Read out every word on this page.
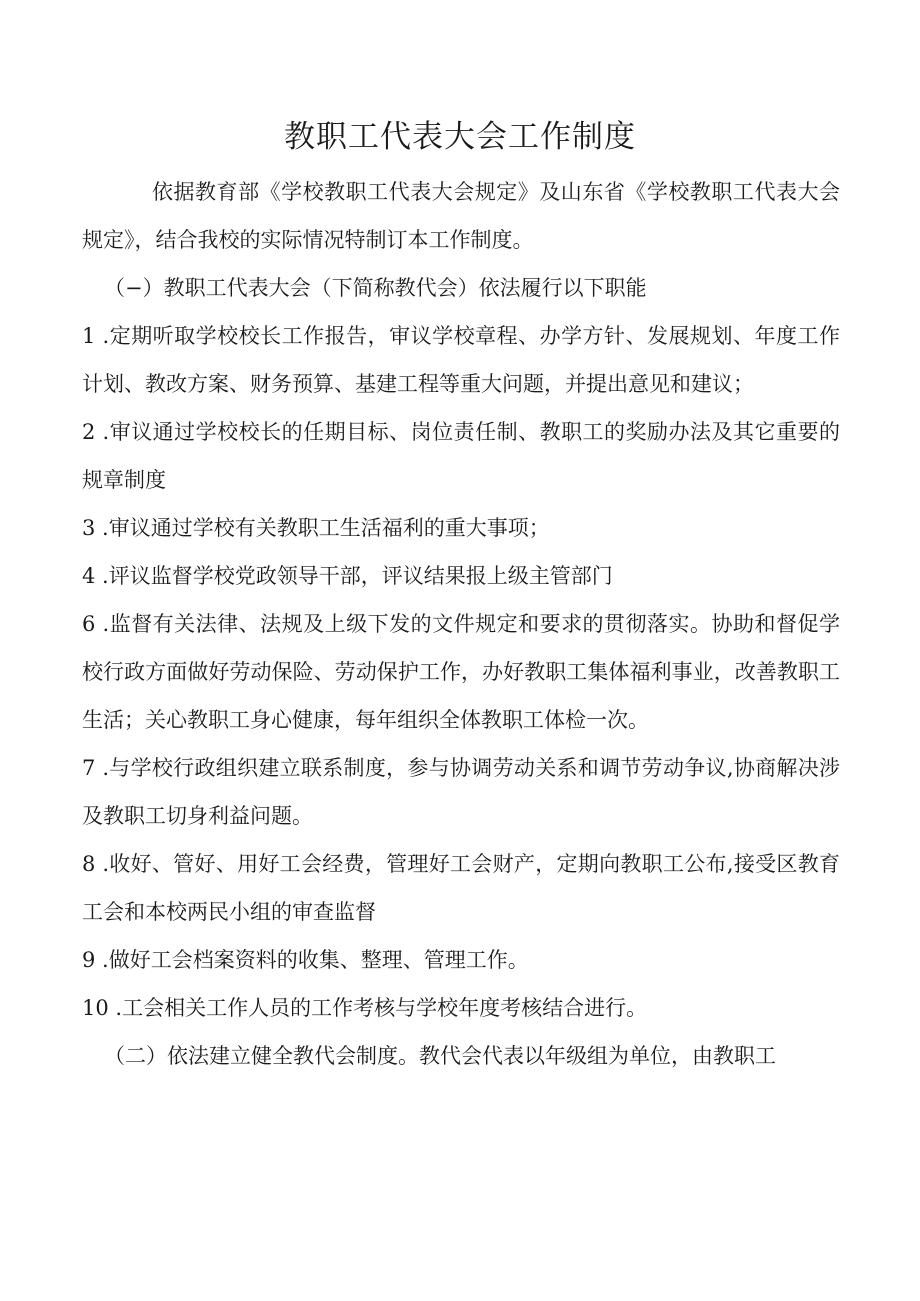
教职工代表大会工作制度

依据教育部《学校教职工代表大会规定》及山东省《学校教职工代表大会规定》，结合我校的实际情况特制订本工作制度。

（−）教职工代表大会（下简称教代会）依法履行以下职能

1 .定期听取学校校长工作报告，审议学校章程、办学方针、发展规划、年度工作计划、教改方案、财务预算、基建工程等重大问题，并提出意见和建议；

2 .审议通过学校校长的任期目标、岗位责任制、教职工的奖励办法及其它重要的规章制度

3 .审议通过学校有关教职工生活福利的重大事项；

4 .评议监督学校党政领导干部，评议结果报上级主管部门

6 .监督有关法律、法规及上级下发的文件规定和要求的贯彻落实。协助和督促学校行政方面做好劳动保险、劳动保护工作，办好教职工集体福利事业，改善教职工生活；关心教职工身心健康，每年组织全体教职工体检一次。

7 .与学校行政组织建立联系制度，参与协调劳动关系和调节劳动争议,协商解决涉及教职工切身利益问题。

8 .收好、管好、用好工会经费，管理好工会财产，定期向教职工公布,接受区教育工会和本校两民小组的审查监督

9 .做好工会档案资料的收集、整理、管理工作。

10 .工会相关工作人员的工作考核与学校年度考核结合进行。

（二）依法建立健全教代会制度。教代会代表以年级组为单位，由教职工
